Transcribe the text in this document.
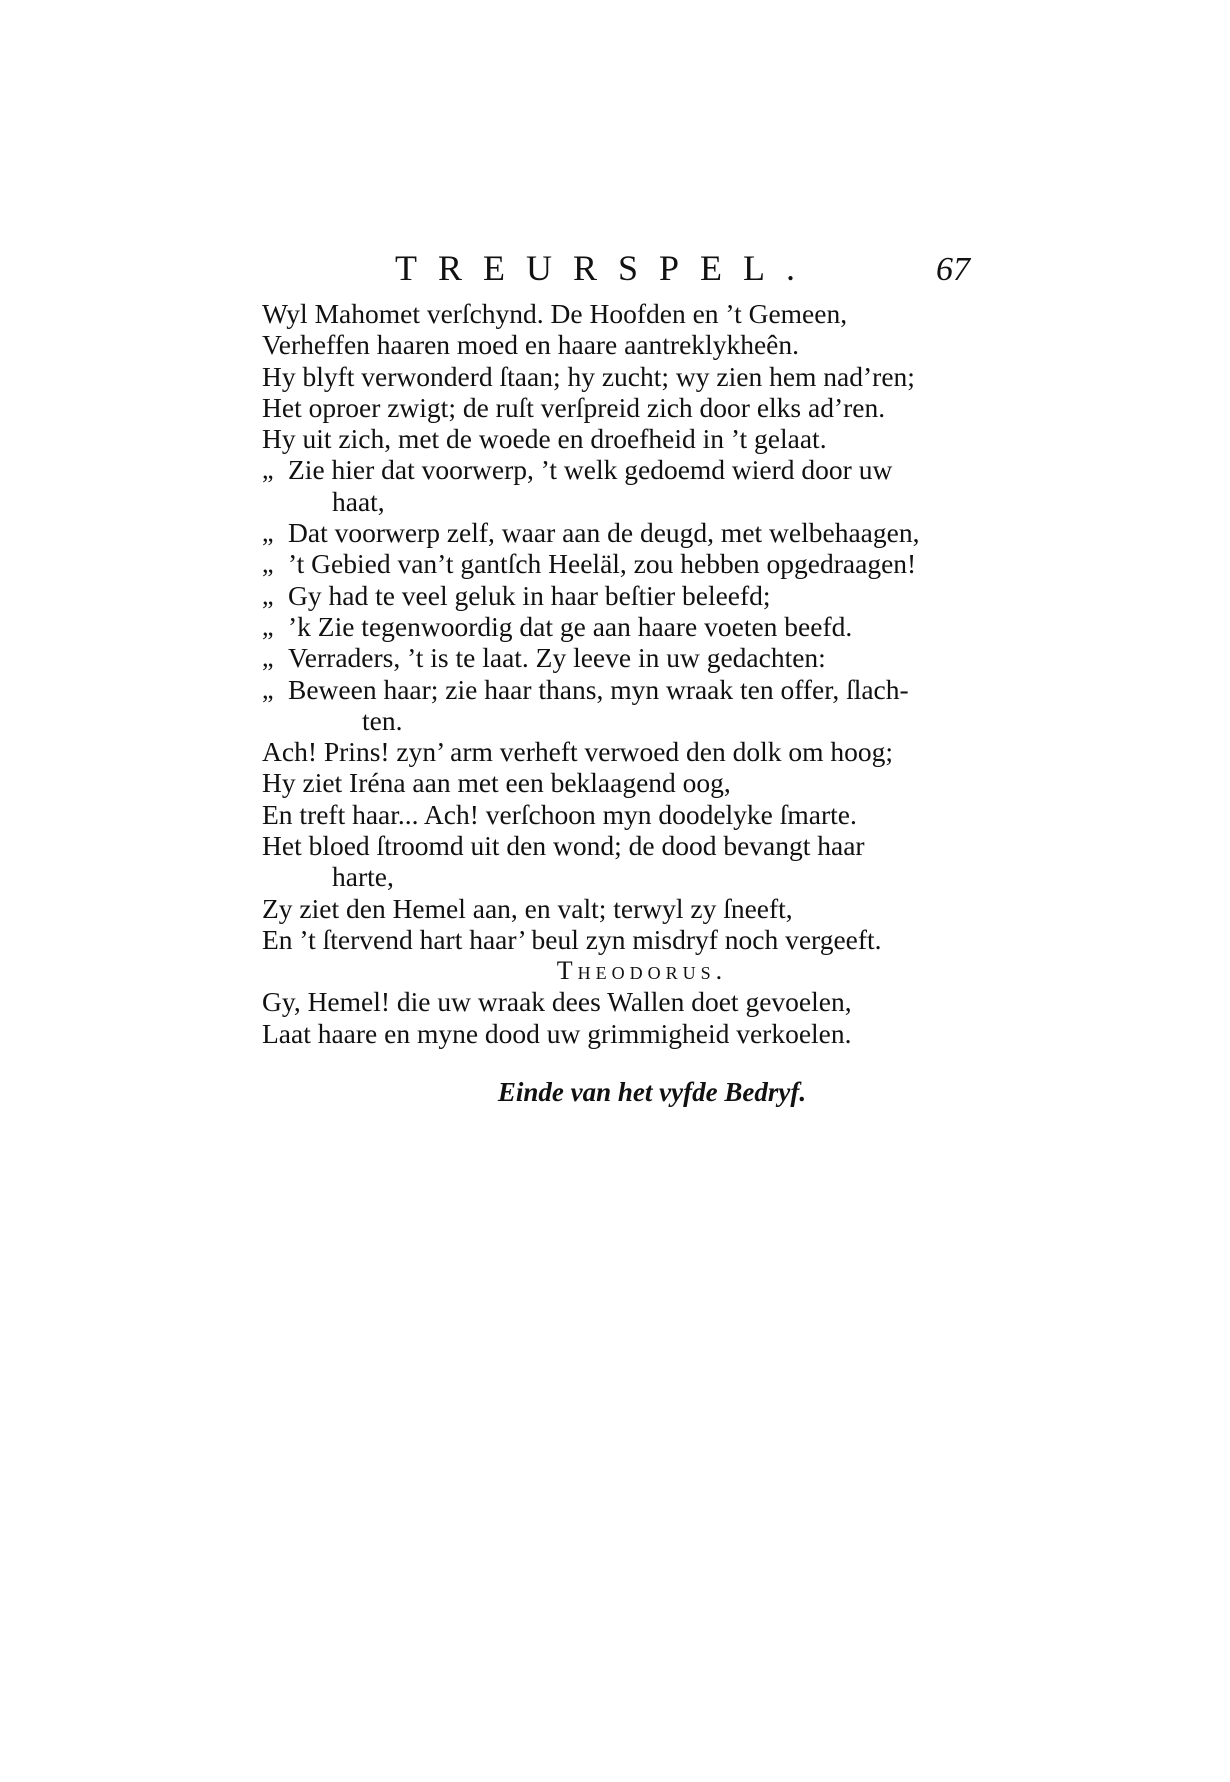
TREURSPEL.	67
Wyl Mahomet verſchynd. De Hoofden en ’t Gemeen,
Verheffen haaren moed en haare aantreklykheên.
Hy blyft verwonderd ſtaan; hy zucht; wy zien hem nad’ren;
Het oproer zwigt; de ruſt verſpreid zich door elks ad’ren.
Hy uit zich, met de woede en droefheid in ’t gelaat.
„ Zie hier dat voorwerp, ’t welk gedoemd wierd door uw
haat,
„ Dat voorwerp zelf, waar aan de deugd, met welbehaagen,
„ ’t Gebied van’t gantſch Heeläl, zou hebben opgedraagen!
„ Gy had te veel geluk in haar beſtier beleefd;
„ ’k Zie tegenwoordig dat ge aan haare voeten beefd.
„ Verraders, ’t is te laat. Zy leeve in uw gedachten:
„ Beween haar; zie haar thans, myn wraak ten offer, ſlach-
ten.
Ach! Prins! zyn’ arm verheft verwoed den dolk om hoog;
Hy ziet Iréna aan met een beklaagend oog,
En treft haar... Ach! verſchoon myn doodelyke ſmarte.
Het bloed ſtroomd uit den wond; de dood bevangt haar
harte,
Zy ziet den Hemel aan, en valt; terwyl zy ſneeft,
En ’t ſtervend hart haar’ beul zyn misdryf noch vergeeft.
Theodorus.
Gy, Hemel! die uw wraak dees Wallen doet gevoelen,
Laat haare en myne dood uw grimmigheid verkoelen.
Einde van het vyfde Bedryf.
